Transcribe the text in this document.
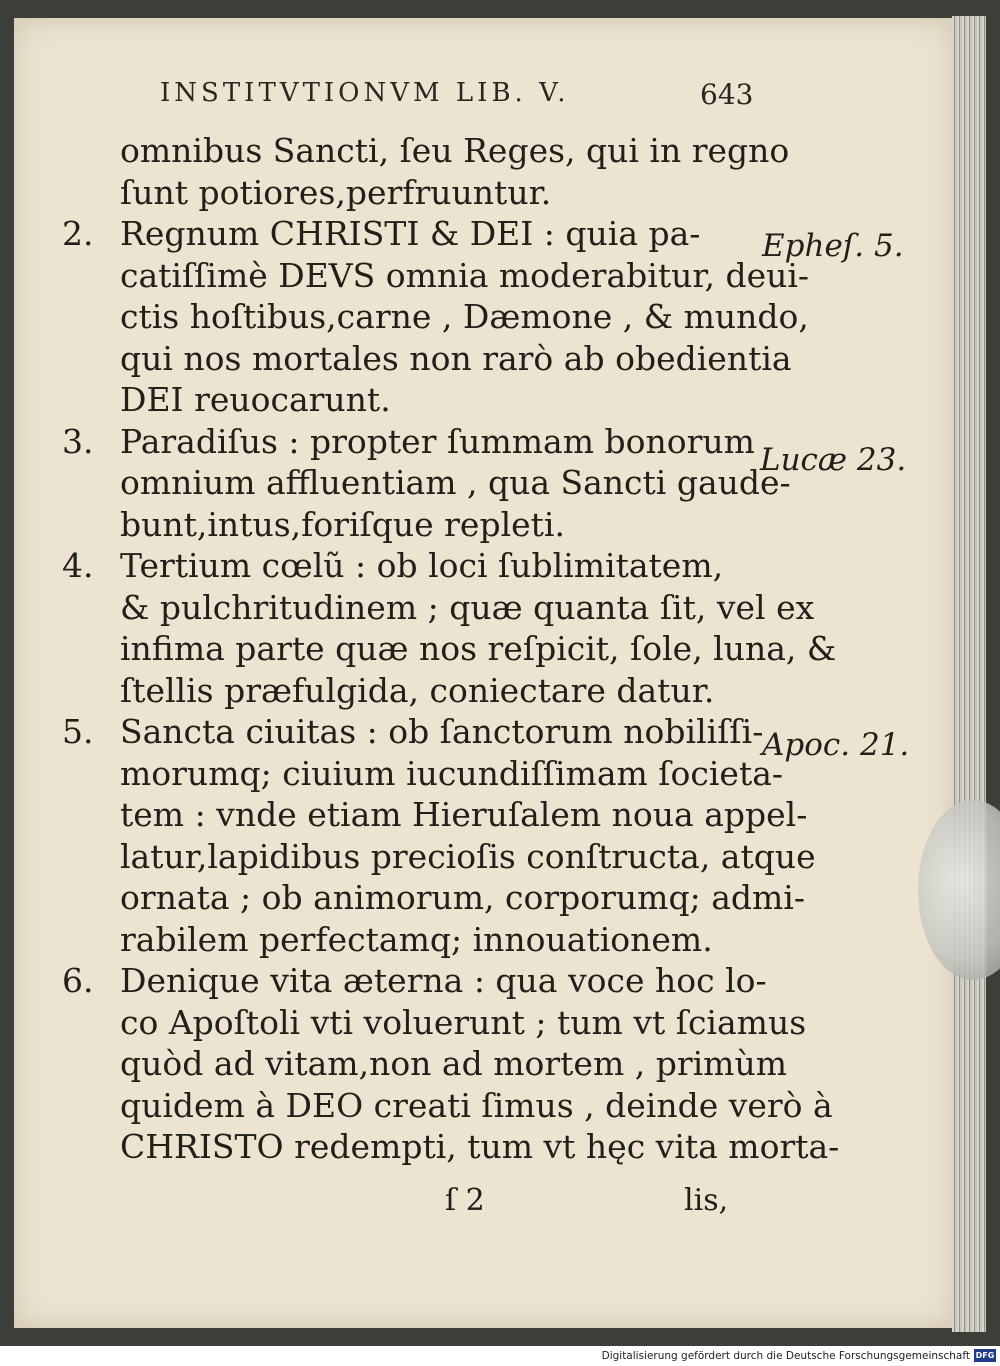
INSTITVTIONVM LIB. V.	643
omnibus Sancti, ſeu Reges, qui in regno
ſunt potiores,perfruuntur.
2. Regnum CHRISTI & DEI : quia pa-
catiſſimè DEVS omnia moderabitur, deui-
ctis hoſtibus,carne , Dæmone , & mundo,
qui nos mortales non rarò ab obedientia
DEI reuocarunt.
3. Paradiſus : propter ſummam bonorum
omnium affluentiam , qua Sancti gaude-
bunt,intus,foriſque repleti.
4. Tertium cœlũ : ob loci ſublimitatem,
& pulchritudinem ; quæ quanta ſit, vel ex
infima parte quæ nos reſpicit, ſole, luna, &
ſtellis præfulgida, coniectare datur.
5. Sancta ciuitas : ob ſanctorum nobiliſſi-
morumq; ciuium iucundiſſimam ſocieta-
tem : vnde etiam Hieruſalem noua appel-
latur,lapidibus precioſis conſtructa, atque
ornata ; ob animorum, corporumq; admi-
rabilem perfectamq; innouationem.
6. Denique vita æterna : qua voce hoc lo-
co Apoſtoli vti voluerunt ; tum vt ſciamus
quòd ad vitam,non ad mortem , primùm
quidem à DEO creati ſimus , deinde verò à
CHRISTO redempti, tum vt hęc vita morta-
Epheſ. 5.
Lucæ 23.
Apoc. 21.
ſ 2	lis,
Digitalisierung gefördert durch die Deutsche Forschungsgemeinschaft DFG
